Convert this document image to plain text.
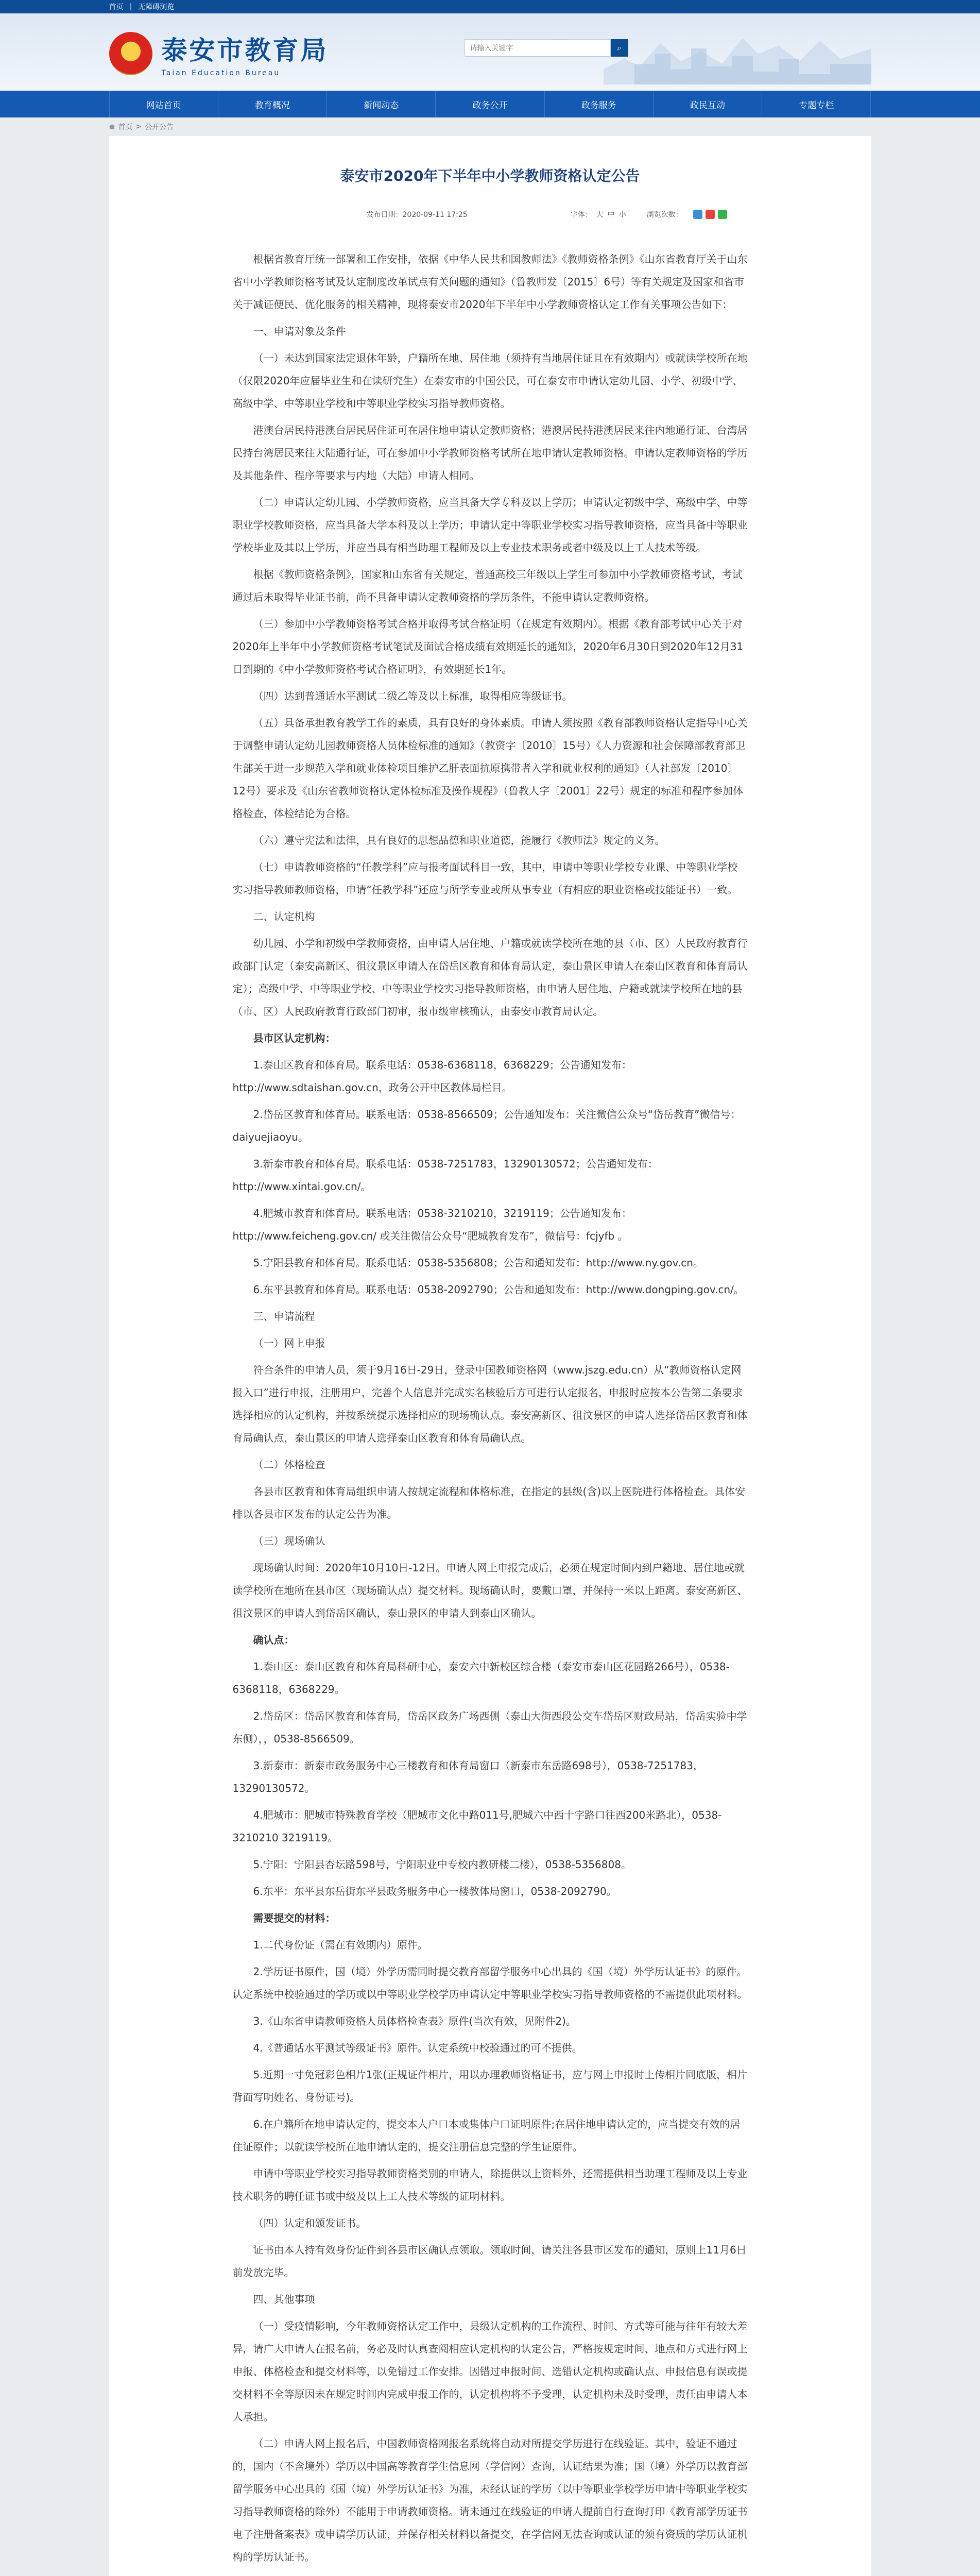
首页 | 无障碍浏览
泰安市教育局
Taian Education Bureau
请输入关键字
⌕
网站首页	教育概况	新闻动态	政务公开	政务服务	政民互动	专题专栏
首页 > 公开公告
泰安市2020年下半年中小学教师资格认定公告
发布日期：2020-09-11 17:25	字体： 大 中 小	浏览次数：

根据省教育厅统一部署和工作安排，依据《中华人民共和国教师法》《教师资格条例》《山东省教育厅关于山东省中小学教师资格考试及认定制度改革试点有关问题的通知》（鲁教师发〔2015〕6号）等有关规定及国家和省市关于减证便民、优化服务的相关精神，现将泰安市2020年下半年中小学教师资格认定工作有关事项公告如下：

一、申请对象及条件

（一）未达到国家法定退休年龄，户籍所在地、居住地（须持有当地居住证且在有效期内）或就读学校所在地（仅限2020年应届毕业生和在读研究生）在泰安市的中国公民，可在泰安市申请认定幼儿园、小学、初级中学、高级中学、中等职业学校和中等职业学校实习指导教师资格。

港澳台居民持港澳台居民居住证可在居住地申请认定教师资格；港澳居民持港澳居民来往内地通行证、台湾居民持台湾居民来往大陆通行证，可在参加中小学教师资格考试所在地申请认定教师资格。申请认定教师资格的学历及其他条件、程序等要求与内地（大陆）申请人相同。

（二）申请认定幼儿园、小学教师资格，应当具备大学专科及以上学历；申请认定初级中学、高级中学、中等职业学校教师资格，应当具备大学本科及以上学历；申请认定中等职业学校实习指导教师资格，应当具备中等职业学校毕业及其以上学历，并应当具有相当助理工程师及以上专业技术职务或者中级及以上工人技术等级。

根据《教师资格条例》，国家和山东省有关规定，普通高校三年级以上学生可参加中小学教师资格考试，考试通过后未取得毕业证书前，尚不具备申请认定教师资格的学历条件，不能申请认定教师资格。

（三）参加中小学教师资格考试合格并取得考试合格证明（在规定有效期内）。根据《教育部考试中心关于对2020年上半年中小学教师资格考试笔试及面试合格成绩有效期延长的通知》，2020年6月30日到2020年12月31日到期的《中小学教师资格考试合格证明》，有效期延长1年。

（四）达到普通话水平测试二级乙等及以上标准，取得相应等级证书。

（五）具备承担教育教学工作的素质，具有良好的身体素质。申请人须按照《教育部教师资格认定指导中心关于调整申请认定幼儿园教师资格人员体检标准的通知》（教资字〔2010〕15号）《人力资源和社会保障部教育部卫生部关于进一步规范入学和就业体检项目维护乙肝表面抗原携带者入学和就业权利的通知》（人社部发〔2010〕12号）要求及《山东省教师资格认定体检标准及操作规程》（鲁教人字〔2001〕22号）规定的标准和程序参加体格检查，体检结论为合格。

（六）遵守宪法和法律，具有良好的思想品德和职业道德，能履行《教师法》规定的义务。

（七）申请教师资格的“任教学科”应与报考面试科目一致，其中，申请中等职业学校专业课、中等职业学校实习指导教师教师资格，申请“任教学科”还应与所学专业或所从事专业（有相应的职业资格或技能证书）一致。

二、认定机构

幼儿园、小学和初级中学教师资格，由申请人居住地、户籍或就读学校所在地的县（市、区）人民政府教育行政部门认定（泰安高新区、徂汶景区申请人在岱岳区教育和体育局认定，泰山景区申请人在泰山区教育和体育局认定）；高级中学、中等职业学校、中等职业学校实习指导教师资格，由申请人居住地、户籍或就读学校所在地的县（市、区）人民政府教育行政部门初审，报市级审核确认，由泰安市教育局认定。

县市区认定机构：

1.泰山区教育和体育局。联系电话：0538-6368118，6368229；公告通知发布：http://www.sdtaishan.gov.cn，政务公开中区教体局栏目。

2.岱岳区教育和体育局。联系电话：0538-8566509；公告通知发布：关注微信公众号“岱岳教育”微信号：daiyuejiaoyu。

3.新泰市教育和体育局。联系电话：0538-7251783，13290130572；公告通知发布：http://www.xintai.gov.cn/。

4.肥城市教育和体育局。联系电话：0538-3210210，3219119；公告通知发布：http://www.feicheng.gov.cn/ 或关注微信公众号“肥城教育发布”，微信号：fcjyfb 。

5.宁阳县教育和体育局。联系电话：0538-5356808；公告和通知发布：http://www.ny.gov.cn。

6.东平县教育和体育局。联系电话：0538-2092790；公告和通知发布：http://www.dongping.gov.cn/。

三、申请流程

（一）网上申报

符合条件的申请人员，须于9月16日-29日，登录中国教师资格网（www.jszg.edu.cn）从“教师资格认定网报入口”进行申报，注册用户，完善个人信息并完成实名核验后方可进行认定报名，申报时应按本公告第二条要求选择相应的认定机构，并按系统提示选择相应的现场确认点。泰安高新区、徂汶景区的申请人选择岱岳区教育和体育局确认点，泰山景区的申请人选择泰山区教育和体育局确认点。

（二）体格检查

各县市区教育和体育局组织申请人按规定流程和体格标准，在指定的县级(含)以上医院进行体格检查。具体安排以各县市区发布的认定公告为准。

（三）现场确认

现场确认时间：2020年10月10日-12日。申请人网上申报完成后，必须在规定时间内到户籍地、居住地或就读学校所在地所在县市区（现场确认点）提交材料。现场确认时，要戴口罩，并保持一米以上距离。泰安高新区、徂汶景区的申请人到岱岳区确认，泰山景区的申请人到泰山区确认。

确认点：

1.泰山区：泰山区教育和体育局科研中心，泰安六中新校区综合楼（泰安市泰山区花园路266号），0538-6368118，6368229。

2.岱岳区：岱岳区教育和体育局，岱岳区政务广场西侧（泰山大街西段公交车岱岳区财政局站，岱岳实验中学东侧），，0538-8566509。

3.新泰市：新泰市政务服务中心三楼教育和体育局窗口（新泰市东岳路698号），0538-7251783，13290130572。

4.肥城市：肥城市特殊教育学校（肥城市文化中路011号,肥城六中西十字路口往西200米路北），0538-3210210 3219119。

5.宁阳：宁阳县杏坛路598号，宁阳职业中专校内教研楼二楼），0538-5356808。

6.东平：东平县东岳街东平县政务服务中心一楼教体局窗口，0538-2092790。

需要提交的材料：

1.二代身份证（需在有效期内）原件。

2.学历证书原件，国（境）外学历需同时提交教育部留学服务中心出具的《国（境）外学历认证书》的原件。认定系统中校验通过的学历或以中等职业学校学历申请认定中等职业学校实习指导教师资格的不需提供此项材料。

3.《山东省申请教师资格人员体格检查表》原件(当次有效，见附件2)。

4.《普通话水平测试等级证书》原件。认定系统中校验通过的可不提供。

5.近期一寸免冠彩色相片1张(正规证件相片，用以办理教师资格证书，应与网上申报时上传相片同底版，相片背面写明姓名、身份证号)。

6.在户籍所在地申请认定的，提交本人户口本或集体户口证明原件;在居住地申请认定的，应当提交有效的居住证原件；以就读学校所在地申请认定的，提交注册信息完整的学生证原件。

申请中等职业学校实习指导教师资格类别的申请人，除提供以上资料外，还需提供相当助理工程师及以上专业技术职务的聘任证书或中级及以上工人技术等级的证明材料。

（四）认定和颁发证书。

证书由本人持有效身份证件到各县市区确认点领取。领取时间，请关注各县市区发布的通知，原则上11月6日前发放完毕。

四、其他事项

（一）受疫情影响，今年教师资格认定工作中，县级认定机构的工作流程、时间、方式等可能与往年有较大差异，请广大申请人在报名前，务必及时认真查阅相应认定机构的认定公告，严格按规定时间、地点和方式进行网上申报、体格检查和提交材料等，以免错过工作安排。因错过申报时间、选错认定机构或确认点、申报信息有误或提交材料不全等原因未在规定时间内完成申报工作的，认定机构将不予受理，认定机构未及时受理，责任由申请人本人承担。

（二）申请人网上报名后，中国教师资格网报名系统将自动对所提交学历进行在线验证。其中，验证不通过的，国内（不含境外）学历以中国高等教育学生信息网（学信网）查询，认证结果为准；国（境）外学历以教育部留学服务中心出具的《国（境）外学历认证书》为准，未经认证的学历（以中等职业学校学历申请中等职业学校实习指导教师资格的除外）不能用于申请教师资格。请未通过在线验证的申请人提前自行查询打印《教育部学历证书电子注册备案表》或申请学历认证，并保存相关材料以备提交，在学信网无法查询或认证的须有资质的学历认证机构的学历认证书。
